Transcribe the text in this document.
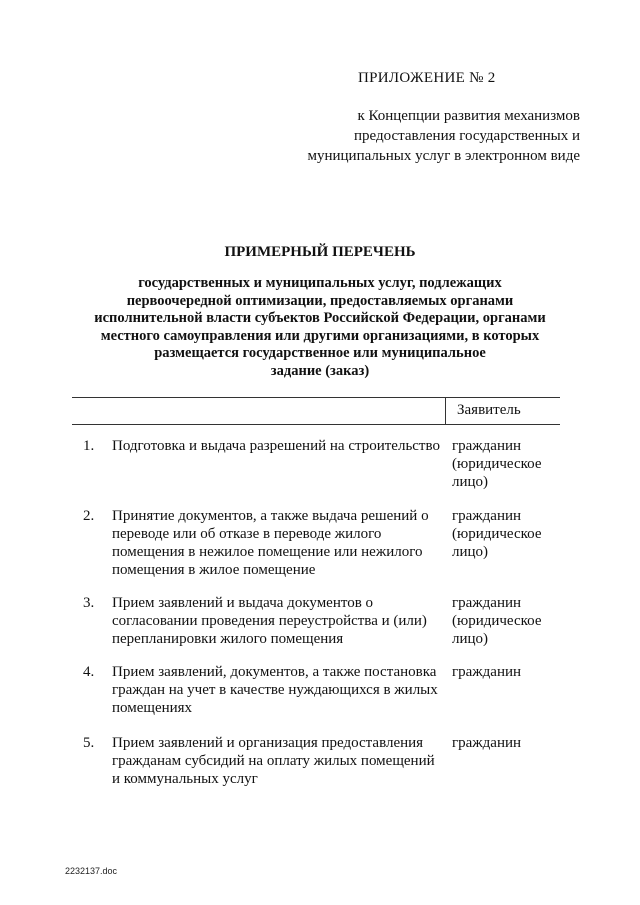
ПРИЛОЖЕНИЕ № 2

к Концепции развития механизмов
предоставления государственных и
муниципальных услуг в электронном виде

ПРИМЕРНЫЙ ПЕРЕЧЕНЬ

государственных и муниципальных услуг, подлежащих
первоочередной оптимизации, предоставляемых органами
исполнительной власти субъектов Российской Федерации, органами
местного самоуправления или другими организациями, в которых
размещается государственное или муниципальное
задание (заказ)

Заявитель
1. Подготовка и выдача разрешений на строительство гражданин
(юридическое
лицо)
2. Принятие документов, а также выдача решений о
переводе или об отказе в переводе жилого
помещения в нежилое помещение или нежилого
помещения в жилое помещение
гражданин
(юридическое
лицо)
3. Прием заявлений и выдача документов о
согласовании проведения переустройства и (или)
перепланировки жилого помещения
гражданин
(юридическое
лицо)
4. Прием заявлений, документов, а также постановка
граждан на учет в качестве нуждающихся в жилых
помещениях
гражданин
5. Прием заявлений и организация предоставления
гражданам субсидий на оплату жилых помещений
и коммунальных услуг
гражданин
2232137.doc
